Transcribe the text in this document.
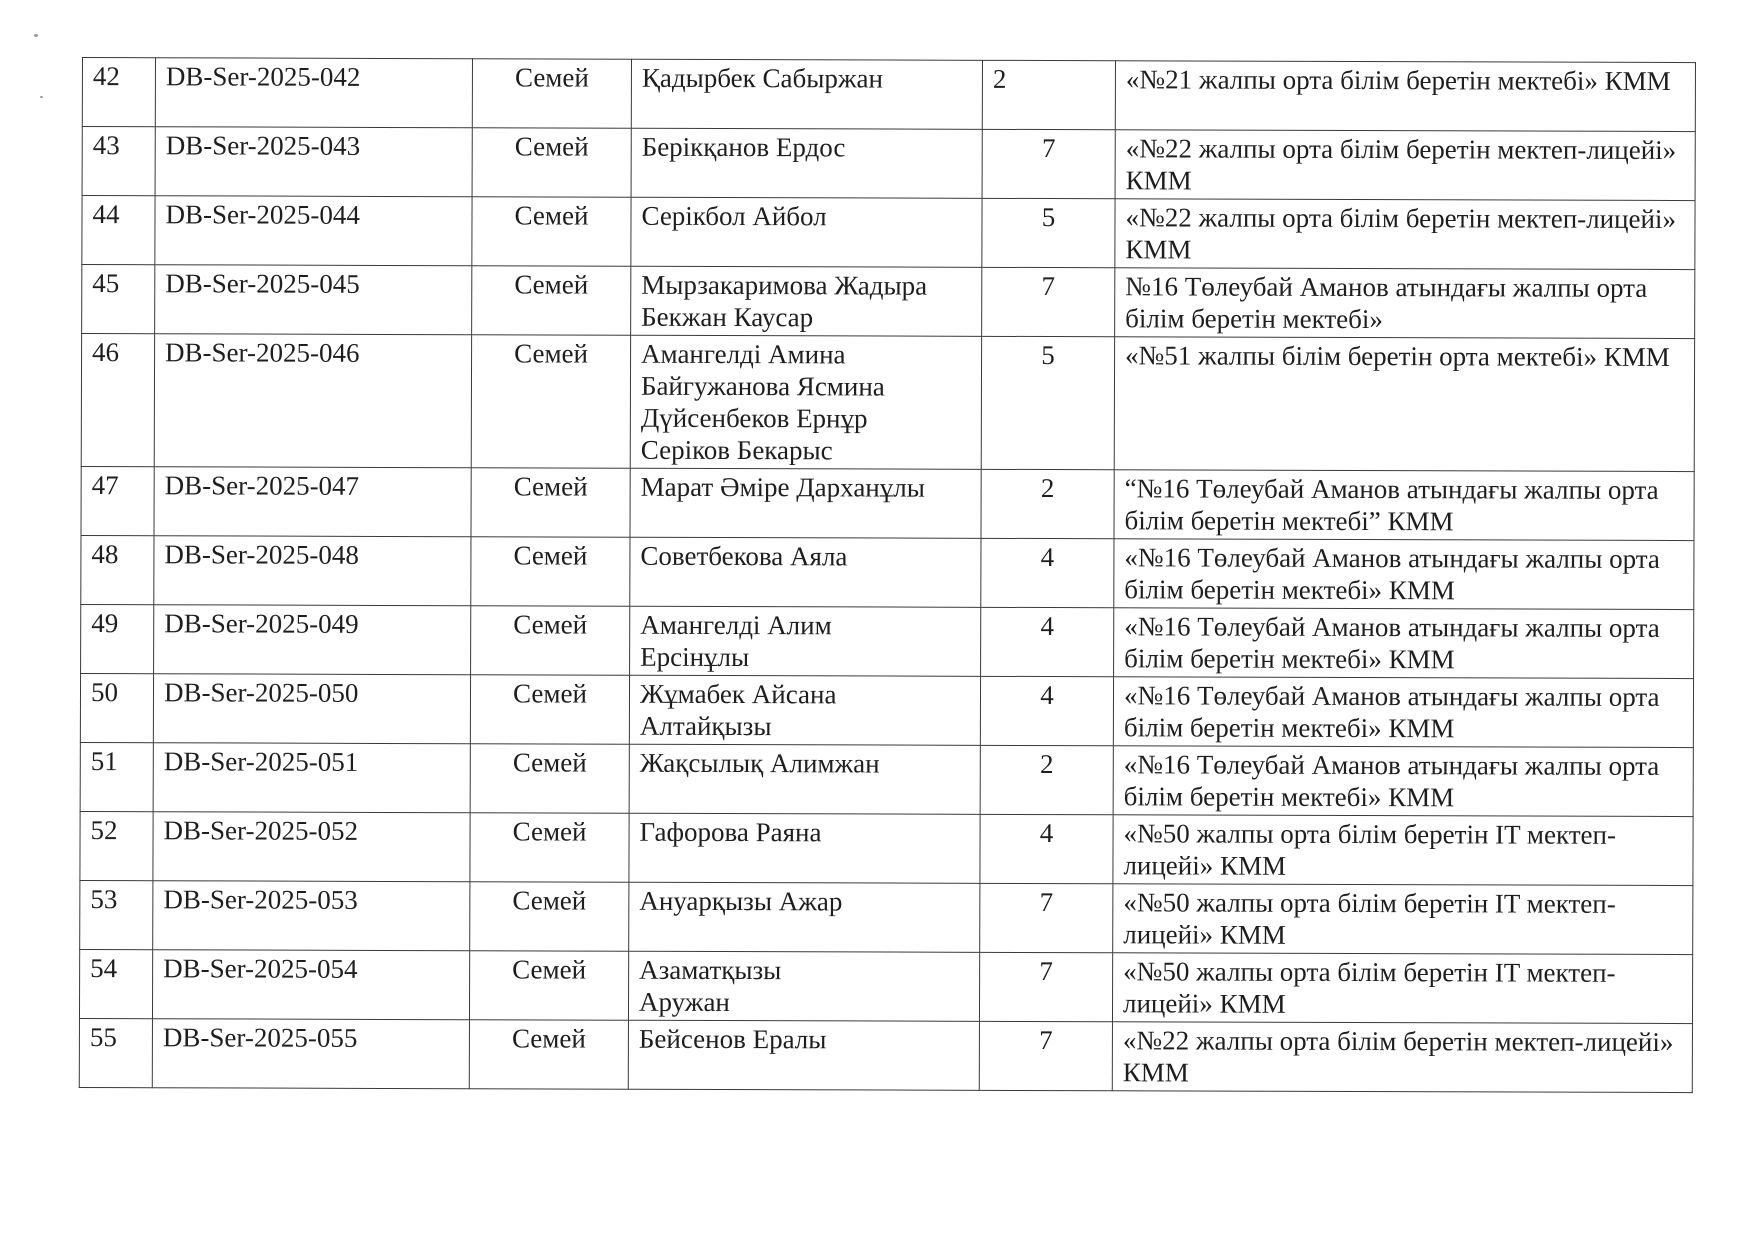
42	DB-Ser-2025-042	Семей	Қадырбек Сабыржан	2	«№21 жалпы орта білім беретін мектебі» КММ
43	DB-Ser-2025-043	Семей	Берікқанов Ердос	7	«№22 жалпы орта білім беретін мектеп-лицейі» КММ
44	DB-Ser-2025-044	Семей	Серікбол Айбол	5	«№22 жалпы орта білім беретін мектеп-лицейі» КММ
45	DB-Ser-2025-045	Семей	Мырзакаримова Жадыра
Бекжан Каусар	7	№16 Төлеубай Аманов атындағы жалпы орта білім беретін мектебі»
46	DB-Ser-2025-046	Семей	Амангелді Амина
Байгужанова Ясмина
Дүйсенбеков Ернұр
Серіков Бекарыс	5	«№51 жалпы білім беретін орта мектебі» КММ
47	DB-Ser-2025-047	Семей	Марат Әміре Дарханұлы	2	“№16 Төлеубай Аманов атындағы жалпы орта білім беретін мектебі” КММ
48	DB-Ser-2025-048	Семей	Советбекова Аяла	4	«№16 Төлеубай Аманов атындағы жалпы орта білім беретін мектебі» КММ
49	DB-Ser-2025-049	Семей	Амангелді Алим
Ерсінұлы	4	«№16 Төлеубай Аманов атындағы жалпы орта білім беретін мектебі» КММ
50	DB-Ser-2025-050	Семей	Жұмабек Айсана
Алтайқызы	4	«№16 Төлеубай Аманов атындағы жалпы орта білім беретін мектебі» КММ
51	DB-Ser-2025-051	Семей	Жақсылық Алимжан	2	«№16 Төлеубай Аманов атындағы жалпы орта білім беретін мектебі» КММ
52	DB-Ser-2025-052	Семей	Гафорова Раяна	4	«№50 жалпы орта білім беретін IT мектеп-лицейі» КММ
53	DB-Ser-2025-053	Семей	Ануарқызы Ажар	7	«№50 жалпы орта білім беретін IT мектеп-лицейі» КММ
54	DB-Ser-2025-054	Семей	Азаматқызы
Аружан	7	«№50 жалпы орта білім беретін IT мектеп-лицейі» КММ
55	DB-Ser-2025-055	Семей	Бейсенов Ералы	7	«№22 жалпы орта білім беретін мектеп-лицейі» КММ
